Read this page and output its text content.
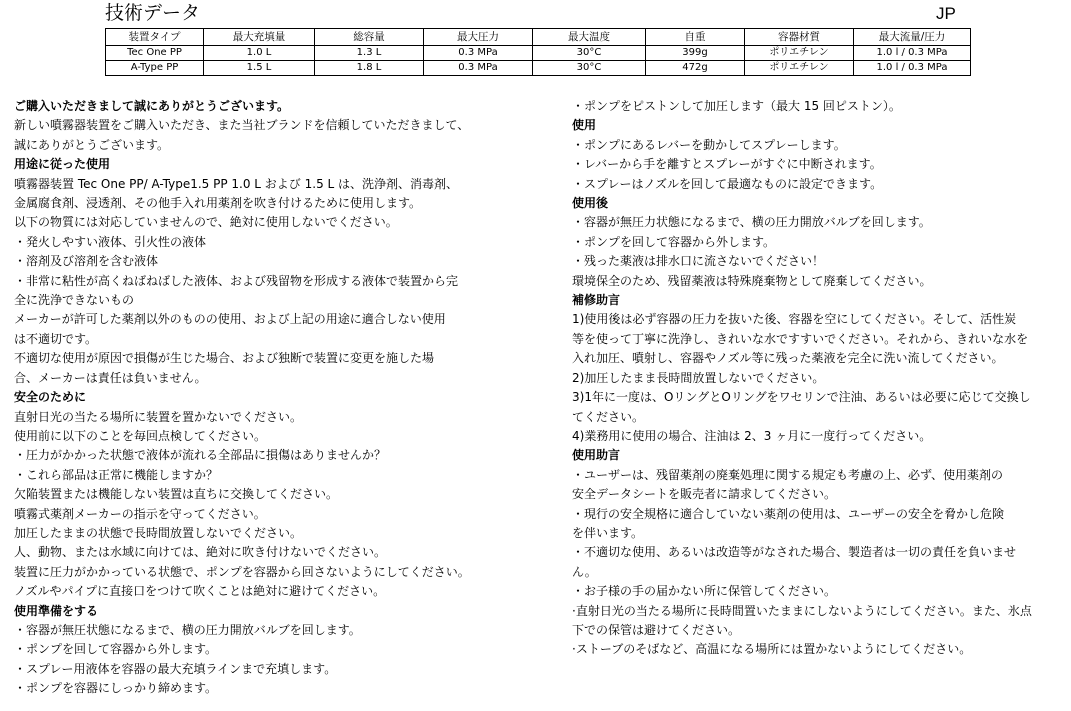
技術データ	JP
装置タイプ	最大充填量	総容量	最大圧力	最大温度	自重	容器材質	最大流量/圧力
Tec One PP	1.0 L	1.3 L	0.3 MPa	30°C	399g	ポリエチレン	1.0 l / 0.3 MPa
A-Type PP	1.5 L	1.8 L	0.3 MPa	30°C	472g	ポリエチレン	1.0 l / 0.3 MPa

ご購入いただきまして誠にありがとうございます。

新しい噴霧器装置をご購入いただき、また当社ブランドを信頼していただきまして、

誠にありがとうございます。

用途に従った使用

噴霧器装置 Tec One PP/ A-Type1.5 PP 1.0 L および 1.5 L は、洗浄剤、消毒剤、

金属腐食剤、浸透剤、その他手入れ用薬剤を吹き付けるために使用します。

以下の物質には対応していませんので、絶対に使用しないでください。

・発火しやすい液体、引火性の液体

・溶剤及び溶剤を含む液体

・非常に粘性が高くねばねばした液体、および残留物を形成する液体で装置から完

全に洗浄できないもの

メーカーが許可した薬剤以外のものの使用、および上記の用途に適合しない使用

は不適切です。

不適切な使用が原因で損傷が生じた場合、および独断で装置に変更を施した場

合、メーカーは責任は負いません。

安全のために

直射日光の当たる場所に装置を置かないでください。

使用前に以下のことを毎回点検してください。

・圧力がかかった状態で液体が流れる全部品に損傷はありませんか？

・これら部品は正常に機能しますか？

欠陥装置または機能しない装置は直ちに交換してください。

噴霧式薬剤メーカーの指示を守ってください。

加圧したままの状態で長時間放置しないでください。

人、動物、または水域に向けては、絶対に吹き付けないでください。

装置に圧力がかかっている状態で、ポンプを容器から回さないようにしてください。

ノズルやパイプに直接口をつけて吹くことは絶対に避けてください。

使用準備をする

・容器が無圧状態になるまで、横の圧力開放バルブを回します。

・ポンプを回して容器から外します。

・スプレー用液体を容器の最大充填ラインまで充填します。

・ポンプを容器にしっかり締めます。

・ポンプをピストンして加圧します（最大 15 回ピストン）。

使用

・ポンプにあるレバーを動かしてスプレーします。

・レバーから手を離すとスプレーがすぐに中断されます。

・スプレーはノズルを回して最適なものに設定できます。

使用後

・容器が無圧力状態になるまで、横の圧力開放バルブを回します。

・ポンプを回して容器から外します。

・残った薬液は排水口に流さないでください！

環境保全のため、残留薬液は特殊廃棄物として廃棄してください。

補修助言

1)使用後は必ず容器の圧力を抜いた後、容器を空にしてください。そして、活性炭

等を使って丁寧に洗浄し、きれいな水ですすいでください。それから、きれいな水を

入れ加圧、噴射し、容器やノズル等に残った薬液を完全に洗い流してください。

2)加圧したまま長時間放置しないでください。

3)1年に一度は、OリングとOリングをワセリンで注油、あるいは必要に応じて交換し

てください。

4)業務用に使用の場合、注油は 2、3 ヶ月に一度行ってください。

使用助言

・ユーザーは、残留薬剤の廃棄処理に関する規定も考慮の上、必ず、使用薬剤の

安全データシートを販売者に請求してください。

・現行の安全規格に適合していない薬剤の使用は、ユーザーの安全を脅かし危険

を伴います。

・不適切な使用、あるいは改造等がなされた場合、製造者は一切の責任を負いませ

ん。

・お子様の手の届かない所に保管してください。

·直射日光の当たる場所に長時間置いたままにしないようにしてください。また、氷点

下での保管は避けてください。

·ストーブのそばなど、高温になる場所には置かないようにしてください。
